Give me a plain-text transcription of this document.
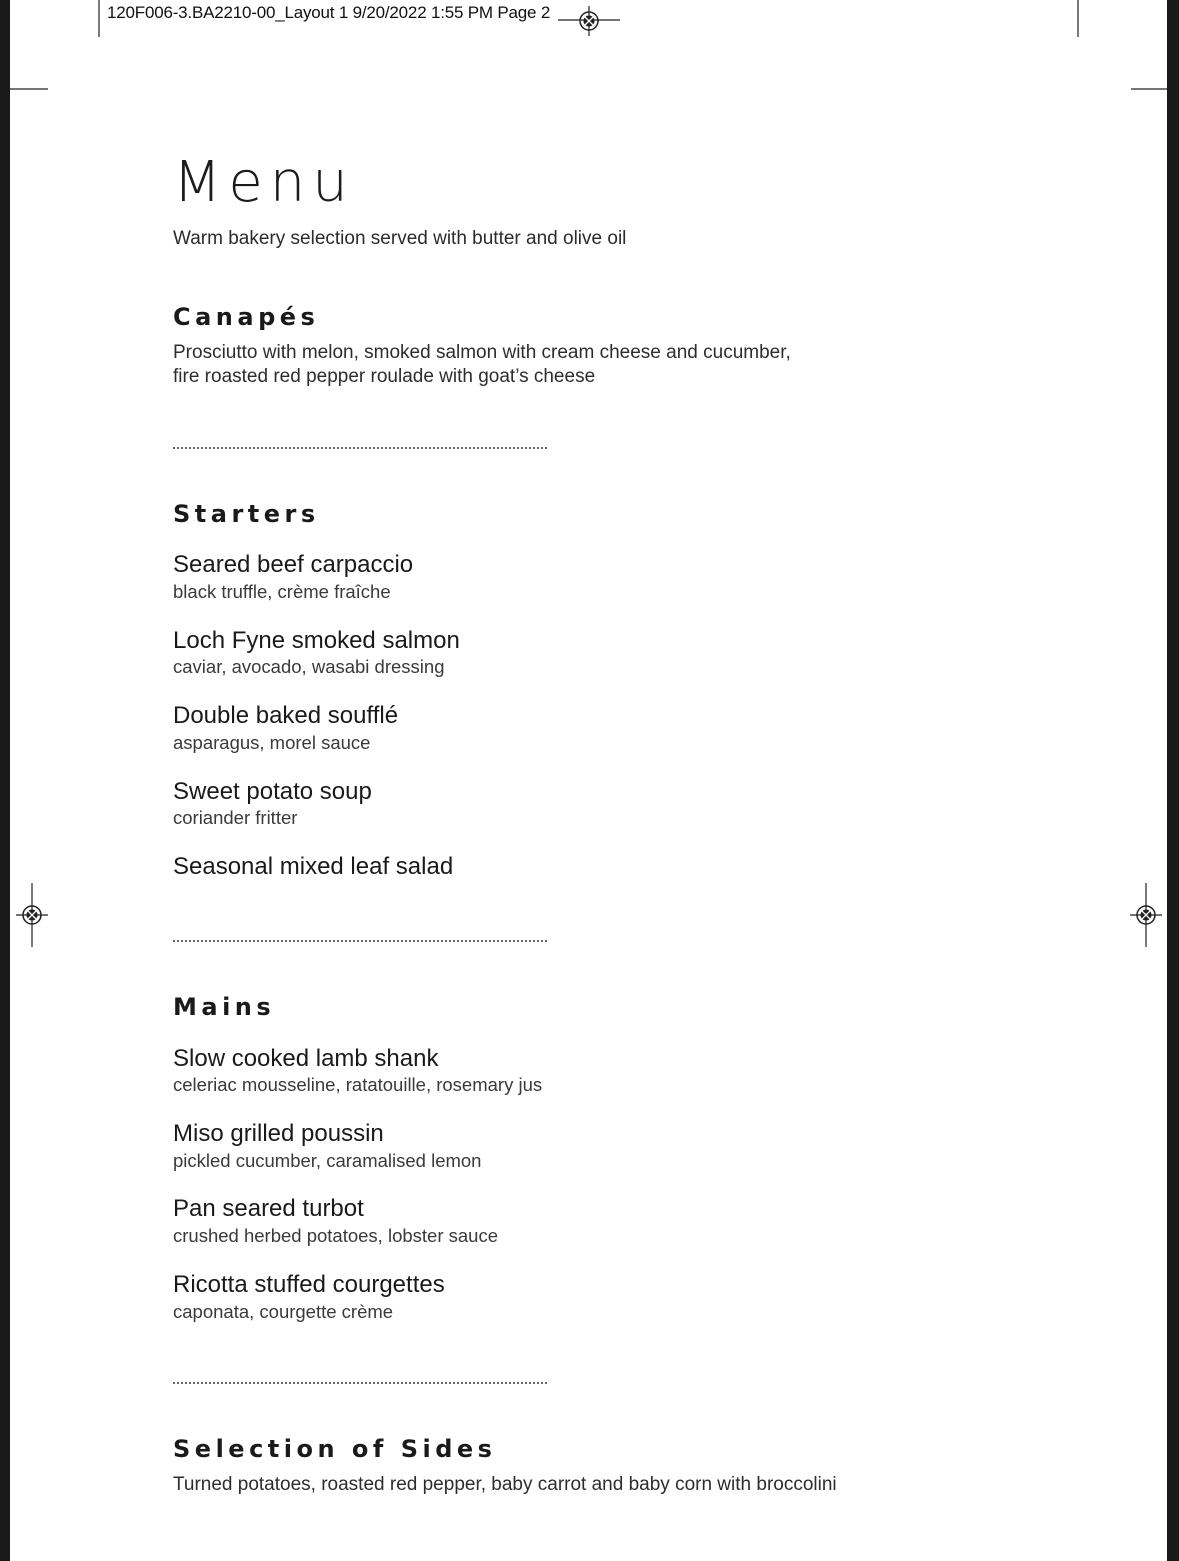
120F006-3.BA2210-00_Layout 1 9/20/2022 1:55 PM Page 2
Menu
Warm bakery selection served with butter and olive oil
Canapés
Prosciutto with melon, smoked salmon with cream cheese and cucumber,
fire roasted red pepper roulade with goat’s cheese
Starters
Seared beef carpaccio
black truffle, crème fraîche
Loch Fyne smoked salmon
caviar, avocado, wasabi dressing
Double baked soufflé
asparagus, morel sauce
Sweet potato soup
coriander fritter
Seasonal mixed leaf salad
Mains
Slow cooked lamb shank
celeriac mousseline, ratatouille, rosemary jus
Miso grilled poussin
pickled cucumber, caramalised lemon
Pan seared turbot
crushed herbed potatoes, lobster sauce
Ricotta stuffed courgettes
caponata, courgette crème
Selection of Sides
Turned potatoes, roasted red pepper, baby carrot and baby corn with broccolini
